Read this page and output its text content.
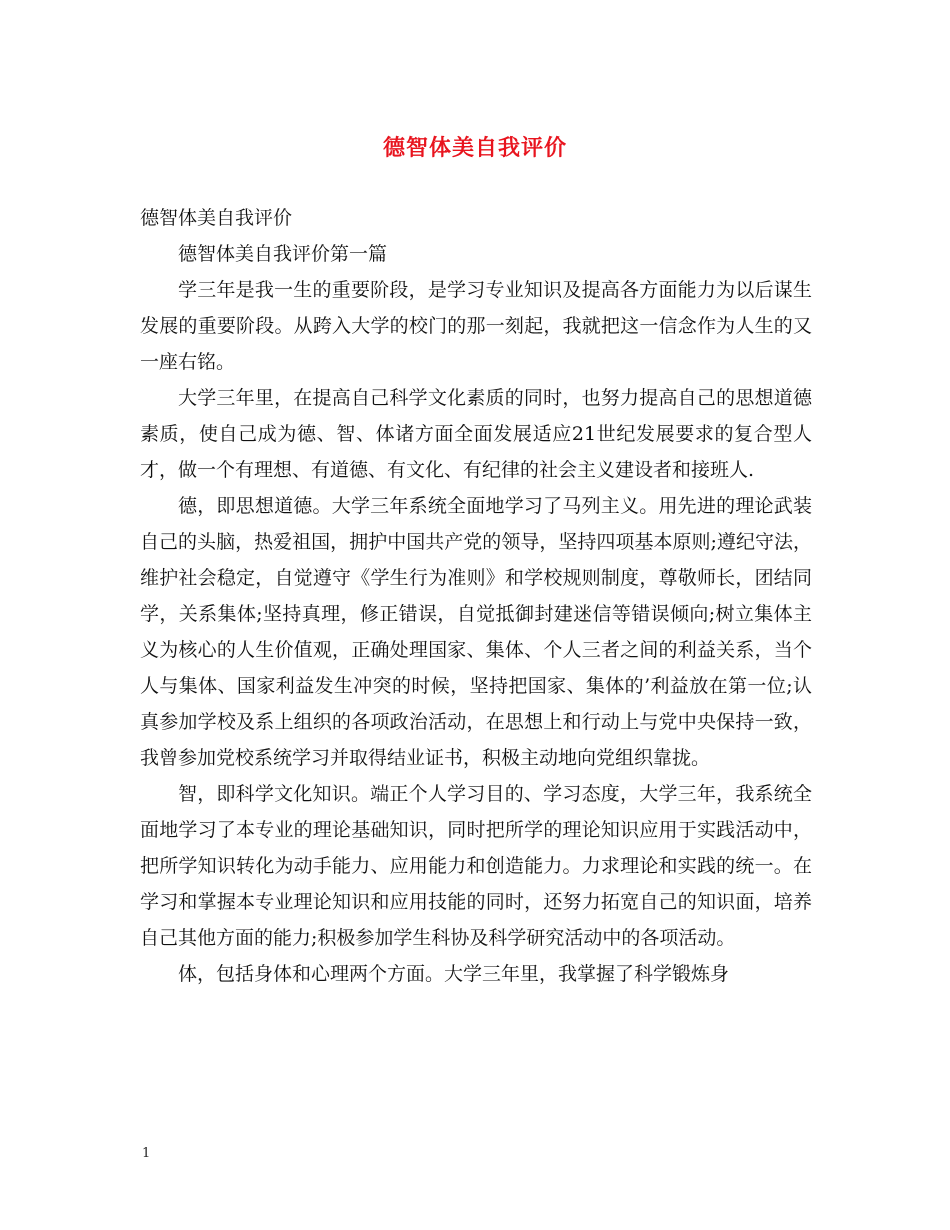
德智体美自我评价

德智体美自我评价

德智体美自我评价第一篇

学三年是我一生的重要阶段，是学习专业知识及提高各方面能力为以后谋生发展的重要阶段。从跨入大学的校门的那一刻起，我就把这一信念作为人生的又一座右铭。

大学三年里，在提高自己科学文化素质的同时，也努力提高自己的思想道德素质，使自己成为德、智、体诸方面全面发展适应21世纪发展要求的复合型人才，做一个有理想、有道德、有文化、有纪律的社会主义建设者和接班人.

德，即思想道德。大学三年系统全面地学习了马列主义。用先进的理论武装自己的头脑，热爱祖国，拥护中国共产党的领导，坚持四项基本原则;遵纪守法，维护社会稳定，自觉遵守《学生行为准则》和学校规则制度，尊敬师长，团结同学，关系集体;坚持真理，修正错误，自觉抵御封建迷信等错误倾向;树立集体主义为核心的人生价值观，正确处理国家、集体、个人三者之间的利益关系，当个人与集体、国家利益发生冲突的时候，坚持把国家、集体的’利益放在第一位;认真参加学校及系上组织的各项政治活动，在思想上和行动上与党中央保持一致，我曾参加党校系统学习并取得结业证书，积极主动地向党组织靠拢。

智，即科学文化知识。端正个人学习目的、学习态度，大学三年，我系统全面地学习了本专业的理论基础知识，同时把所学的理论知识应用于实践活动中，把所学知识转化为动手能力、应用能力和创造能力。力求理论和实践的统一。在学习和掌握本专业理论知识和应用技能的同时，还努力拓宽自己的知识面，培养自己其他方面的能力;积极参加学生科协及科学研究活动中的各项活动。

体，包括身体和心理两个方面。大学三年里，我掌握了科学锻炼身

1
